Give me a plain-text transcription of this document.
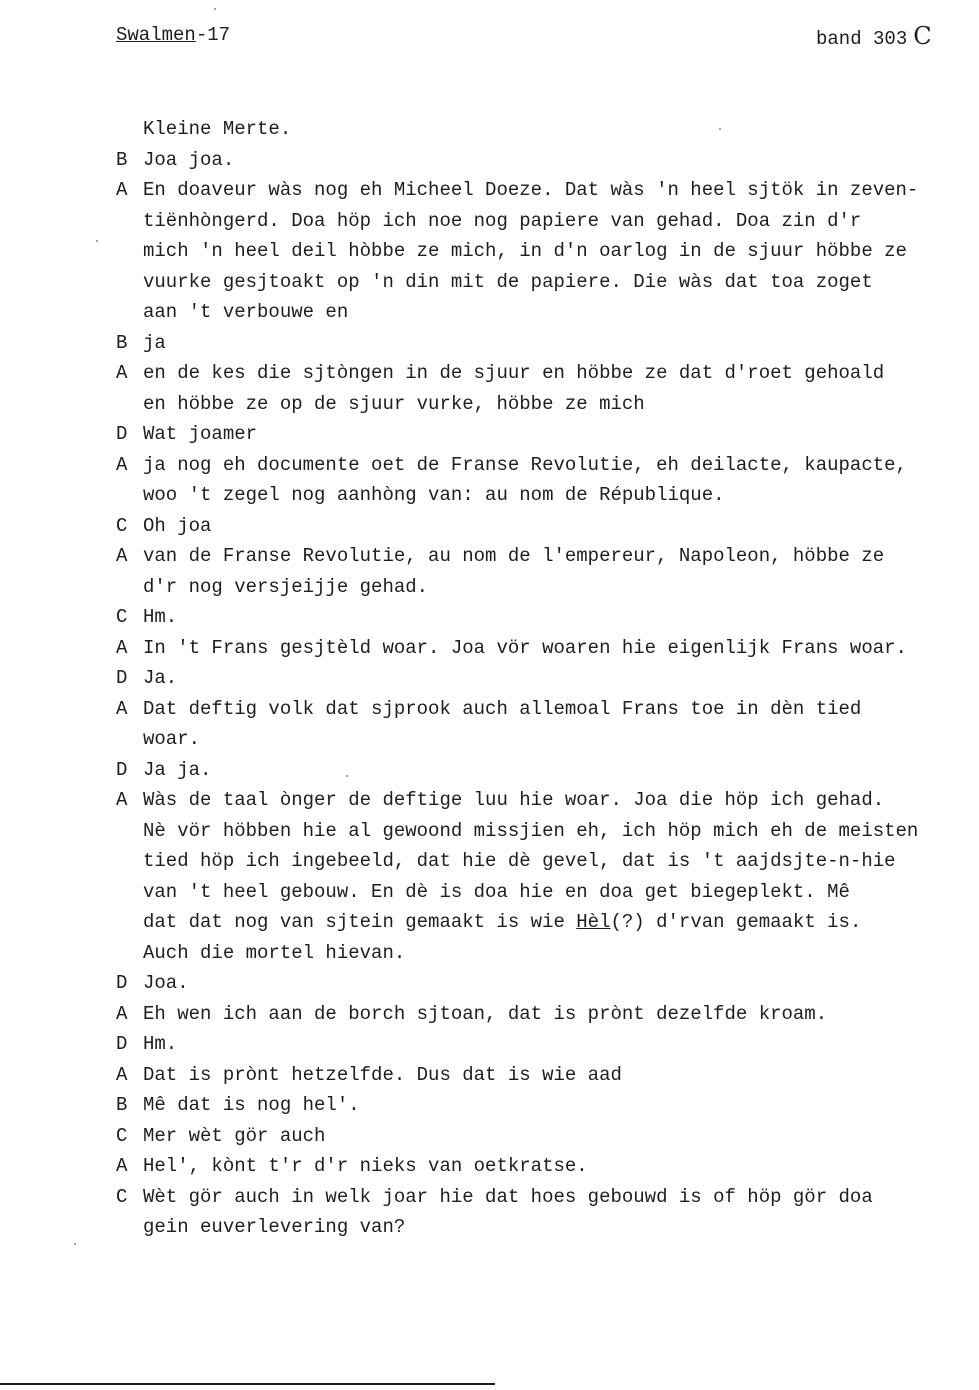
Swalmen-17	band 303 C
Kleine Merte.
B Joa joa.
A En doaveur wàs nog eh Micheel Doeze. Dat wàs 'n heel sjtök in zeven-
tiënhòngerd. Doa höp ich noe nog papiere van gehad. Doa zin d'r
mich 'n heel deil hòbbe ze mich, in d'n oarlog in de sjuur höbbe ze
vuurke gesjtoakt op 'n din mit de papiere. Die wàs dat toa zoget
aan 't verbouwe en
B ja
A en de kes die sjtòngen in de sjuur en höbbe ze dat d'roet gehoald
en höbbe ze op de sjuur vurke, höbbe ze mich
D Wat joamer
A ja nog eh documente oet de Franse Revolutie, eh deilacte, kaupacte,
woo 't zegel nog aanhòng van: au nom de République.
C Oh joa
A van de Franse Revolutie, au nom de l'empereur, Napoleon, höbbe ze
d'r nog versjeijje gehad.
C Hm.
A In 't Frans gesjtèld woar. Joa vör woaren hie eigenlijk Frans woar.
D Ja.
A Dat deftig volk dat sjprook auch allemoal Frans toe in dèn tied
woar.
D Ja ja.
A Wàs de taal ònger de deftige luu hie woar. Joa die höp ich gehad.
Nè vör höbben hie al gewoond missjien eh, ich höp mich eh de meisten
tied höp ich ingebeeld, dat hie dè gevel, dat is 't aajdsjte-n-hie
van 't heel gebouw. En dè is doa hie en doa get biegeplekt. Mê
dat dat nog van sjtein gemaakt is wie Hèl(?) d'rvan gemaakt is.
Auch die mortel hievan.
D Joa.
A Eh wen ich aan de borch sjtoan, dat is prònt dezelfde kroam.
D Hm.
A Dat is prònt hetzelfde. Dus dat is wie aad
B Mê dat is nog hel'.
C Mer wèt gör auch
A Hel', kònt t'r d'r nieks van oetkratse.
C Wèt gör auch in welk joar hie dat hoes gebouwd is of höp gör doa
gein euverlevering van?
